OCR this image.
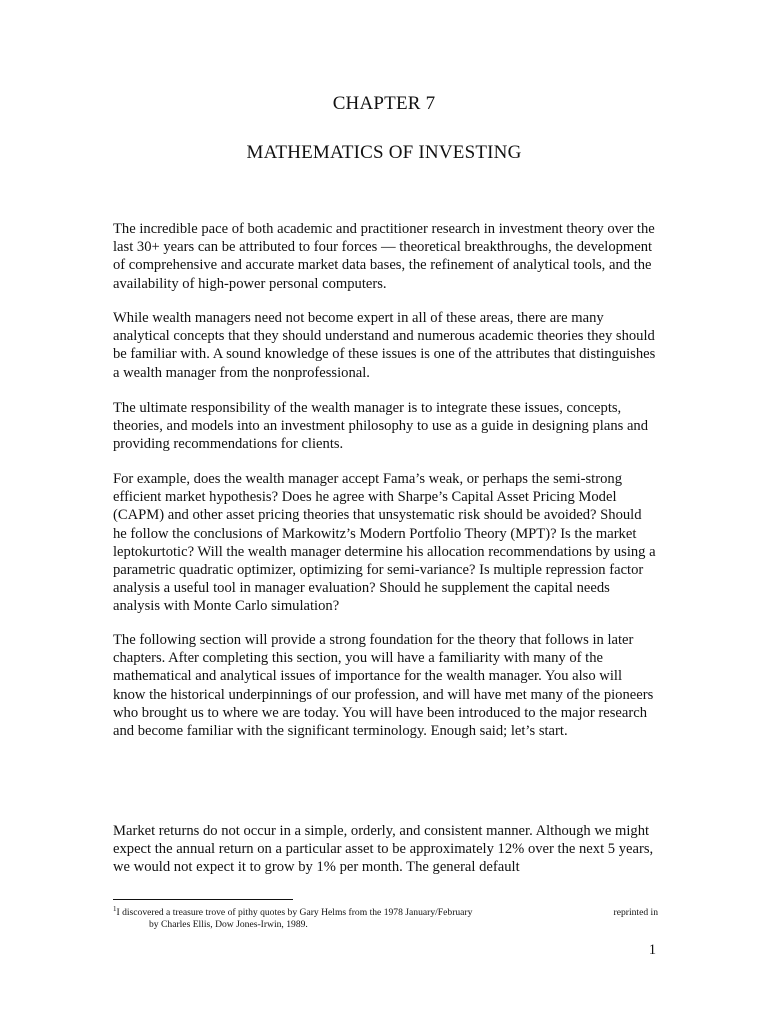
CHAPTER 7
MATHEMATICS OF INVESTING

The incredible pace of both academic and practitioner research in investment theory over the last 30+ years can be attributed to four forces — theoretical breakthroughs, the development of comprehensive and accurate market data bases, the refinement of analytical tools, and the availability of high-power personal computers.

While wealth managers need not become expert in all of these areas, there are many analytical concepts that they should understand and numerous academic theories they should be familiar with. A sound knowledge of these issues is one of the attributes that distinguishes a wealth manager from the nonprofessional.

The ultimate responsibility of the wealth manager is to integrate these issues, concepts, theories, and models into an investment philosophy to use as a guide in designing plans and providing recommendations for clients.

For example, does the wealth manager accept Fama’s weak, or perhaps the semi-strong efficient market hypothesis? Does he agree with Sharpe’s Capital Asset Pricing Model (CAPM) and other asset pricing theories that unsystematic risk should be avoided? Should he follow the conclusions of Markowitz’s Modern Portfolio Theory (MPT)? Is the market leptokurtotic? Will the wealth manager determine his allocation recommendations by using a parametric quadratic optimizer, optimizing for semi-variance? Is multiple repression factor analysis a useful tool in manager evaluation? Should he supplement the capital needs analysis with Monte Carlo simulation?

The following section will provide a strong foundation for the theory that follows in later chapters. After completing this section, you will have a familiarity with many of the mathematical and analytical issues of importance for the wealth manager. You also will know the historical underpinnings of our profession, and will have met many of the pioneers who brought us to where we are today. You will have been introduced to the major research and become familiar with the significant terminology. Enough said; let’s start.

Market returns do not occur in a simple, orderly, and consistent manner. Although we might expect the annual return on a particular asset to be approximately 12% over the next 5 years, we would not expect it to grow by 1% per month. The general default

$^1$I discovered a treasure trove of pithy quotes by Gary Helms from the 1978 January/February	reprinted in
by Charles Ellis, Dow Jones-Irwin, 1989.
1
